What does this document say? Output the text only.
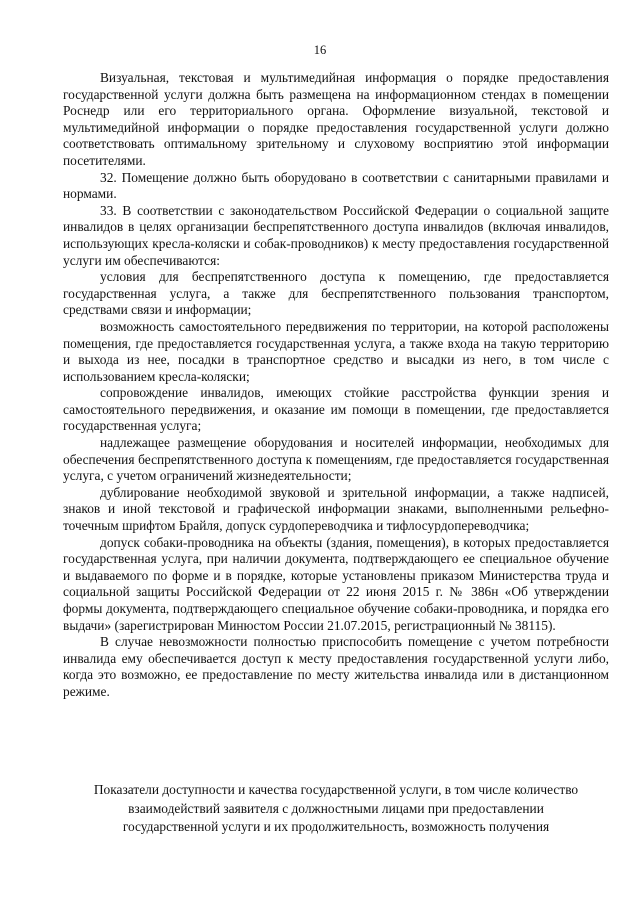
16

Визуальная, текстовая и мультимедийная информация о порядке предоставления государственной услуги должна быть размещена на информационном стендах в помещении Роснедр или его территориального органа. Оформление визуальной, текстовой и мультимедийной информации о порядке предоставления государственной услуги должно соответствовать оптимальному зрительному и слуховому восприятию этой информации посетителями.

32. Помещение должно быть оборудовано в соответствии с санитарными правилами и нормами.

33. В соответствии с законодательством Российской Федерации о социальной защите инвалидов в целях организации беспрепятственного доступа инвалидов (включая инвалидов, использующих кресла-коляски и собак-проводников) к месту предоставления государственной услуги им обеспечиваются:

условия для беспрепятственного доступа к помещению, где предоставляется государственная услуга, а также для беспрепятственного пользования транспортом, средствами связи и информации;

возможность самостоятельного передвижения по территории, на которой расположены помещения, где предоставляется государственная услуга, а также входа на такую территорию и выхода из нее, посадки в транспортное средство и высадки из него, в том числе с использованием кресла-коляски;

сопровождение инвалидов, имеющих стойкие расстройства функции зрения и самостоятельного передвижения, и оказание им помощи в помещении, где предоставляется государственная услуга;

надлежащее размещение оборудования и носителей информации, необходимых для обеспечения беспрепятственного доступа к помещениям, где предоставляется государственная услуга, с учетом ограничений жизнедеятельности;

дублирование необходимой звуковой и зрительной информации, а также надписей, знаков и иной текстовой и графической информации знаками, выполненными рельефно-точечным шрифтом Брайля, допуск сурдопереводчика и тифлосурдопереводчика;

допуск собаки-проводника на объекты (здания, помещения), в которых предоставляется государственная услуга, при наличии документа, подтверждающего ее специальное обучение и выдаваемого по форме и в порядке, которые установлены приказом Министерства труда и социальной защиты Российской Федерации от 22 июня 2015 г. № 386н «Об утверждении формы документа, подтверждающего специальное обучение собаки-проводника, и порядка его выдачи» (зарегистрирован Минюстом России 21.07.2015, регистрационный № 38115).

В случае невозможности полностью приспособить помещение с учетом потребности инвалида ему обеспечивается доступ к месту предоставления государственной услуги либо, когда это возможно, ее предоставление по месту жительства инвалида или в дистанционном режиме.

Показатели доступности и качества государственной услуги, в том числе количество
взаимодействий заявителя с должностными лицами при предоставлении
государственной услуги и их продолжительность, возможность получения
